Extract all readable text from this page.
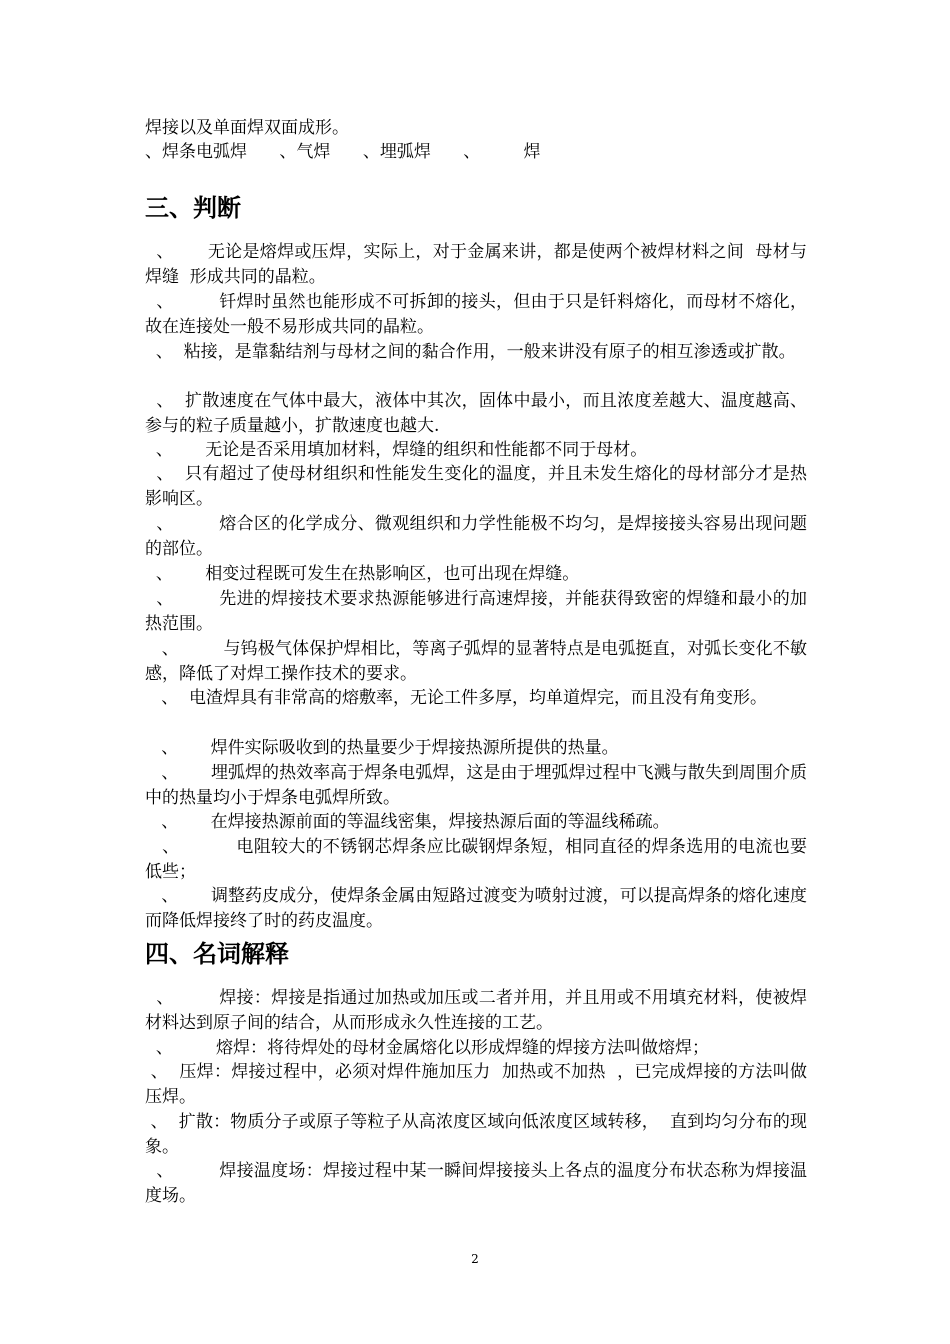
焊接以及单面焊双面成形。
、焊条电弧焊      、气焊      、埋弧焊      、        焊
三、判断

、      无论是熔焊或压焊，实际上，对于金属来讲，都是使两个被焊材料之间  母材与焊缝  形成共同的晶粒。

、        钎焊时虽然也能形成不可拆卸的接头，但由于只是钎料熔化，而母材不熔化，故在连接处一般不易形成共同的晶粒。

、  粘接，是靠黏结剂与母材之间的黏合作用，一般来讲没有原子的相互渗透或扩散。

、  扩散速度在气体中最大，液体中其次，固体中最小，而且浓度差越大、温度越高、参与的粒子质量越小，扩散速度也越大.

、      无论是否采用填加材料，焊缝的组织和性能都不同于母材。

、  只有超过了使母材组织和性能发生变化的温度，并且未发生熔化的母材部分才是热影响区。

、        熔合区的化学成分、微观组织和力学性能极不均匀，是焊接接头容易出现问题的部位。

、      相变过程既可发生在热影响区，也可出现在焊缝。

、        先进的焊接技术要求热源能够进行高速焊接，并能获得致密的焊缝和最小的加热范围。

、        与钨极气体保护焊相比，等离子弧焊的显著特点是电弧挺直，对弧长变化不敏感，降低了对焊工操作技术的要求。

、  电渣焊具有非常高的熔敷率，无论工件多厚，均单道焊完，而且没有角变形。

、      焊件实际吸收到的热量要少于焊接热源所提供的热量。

、      埋弧焊的热效率高于焊条电弧焊，这是由于埋弧焊过程中飞溅与散失到周围介质中的热量均小于焊条电弧焊所致。

、      在焊接热源前面的等温线密集，焊接热源后面的等温线稀疏。

、          电阻较大的不锈钢芯焊条应比碳钢焊条短，相同直径的焊条选用的电流也要低些；

、      调整药皮成分，使焊条金属由短路过渡变为喷射过渡，可以提高焊条的熔化速度而降低焊接终了时的药皮温度。

四、名词解释

、        焊接：焊接是指通过加热或加压或二者并用，并且用或不用填充材料，使被焊材料达到原子间的结合，从而形成永久性连接的工艺。

、        熔焊：将待焊处的母材金属熔化以形成焊缝的焊接方法叫做熔焊；

、  压焊：焊接过程中，必须对焊件施加压力  加热或不加热  ，已完成焊接的方法叫做压焊。

、  扩散：物质分子或原子等粒子从高浓度区域向低浓度区域转移，  直到均匀分布的现象。

、        焊接温度场：焊接过程中某一瞬间焊接接头上各点的温度分布状态称为焊接温度场。

2
